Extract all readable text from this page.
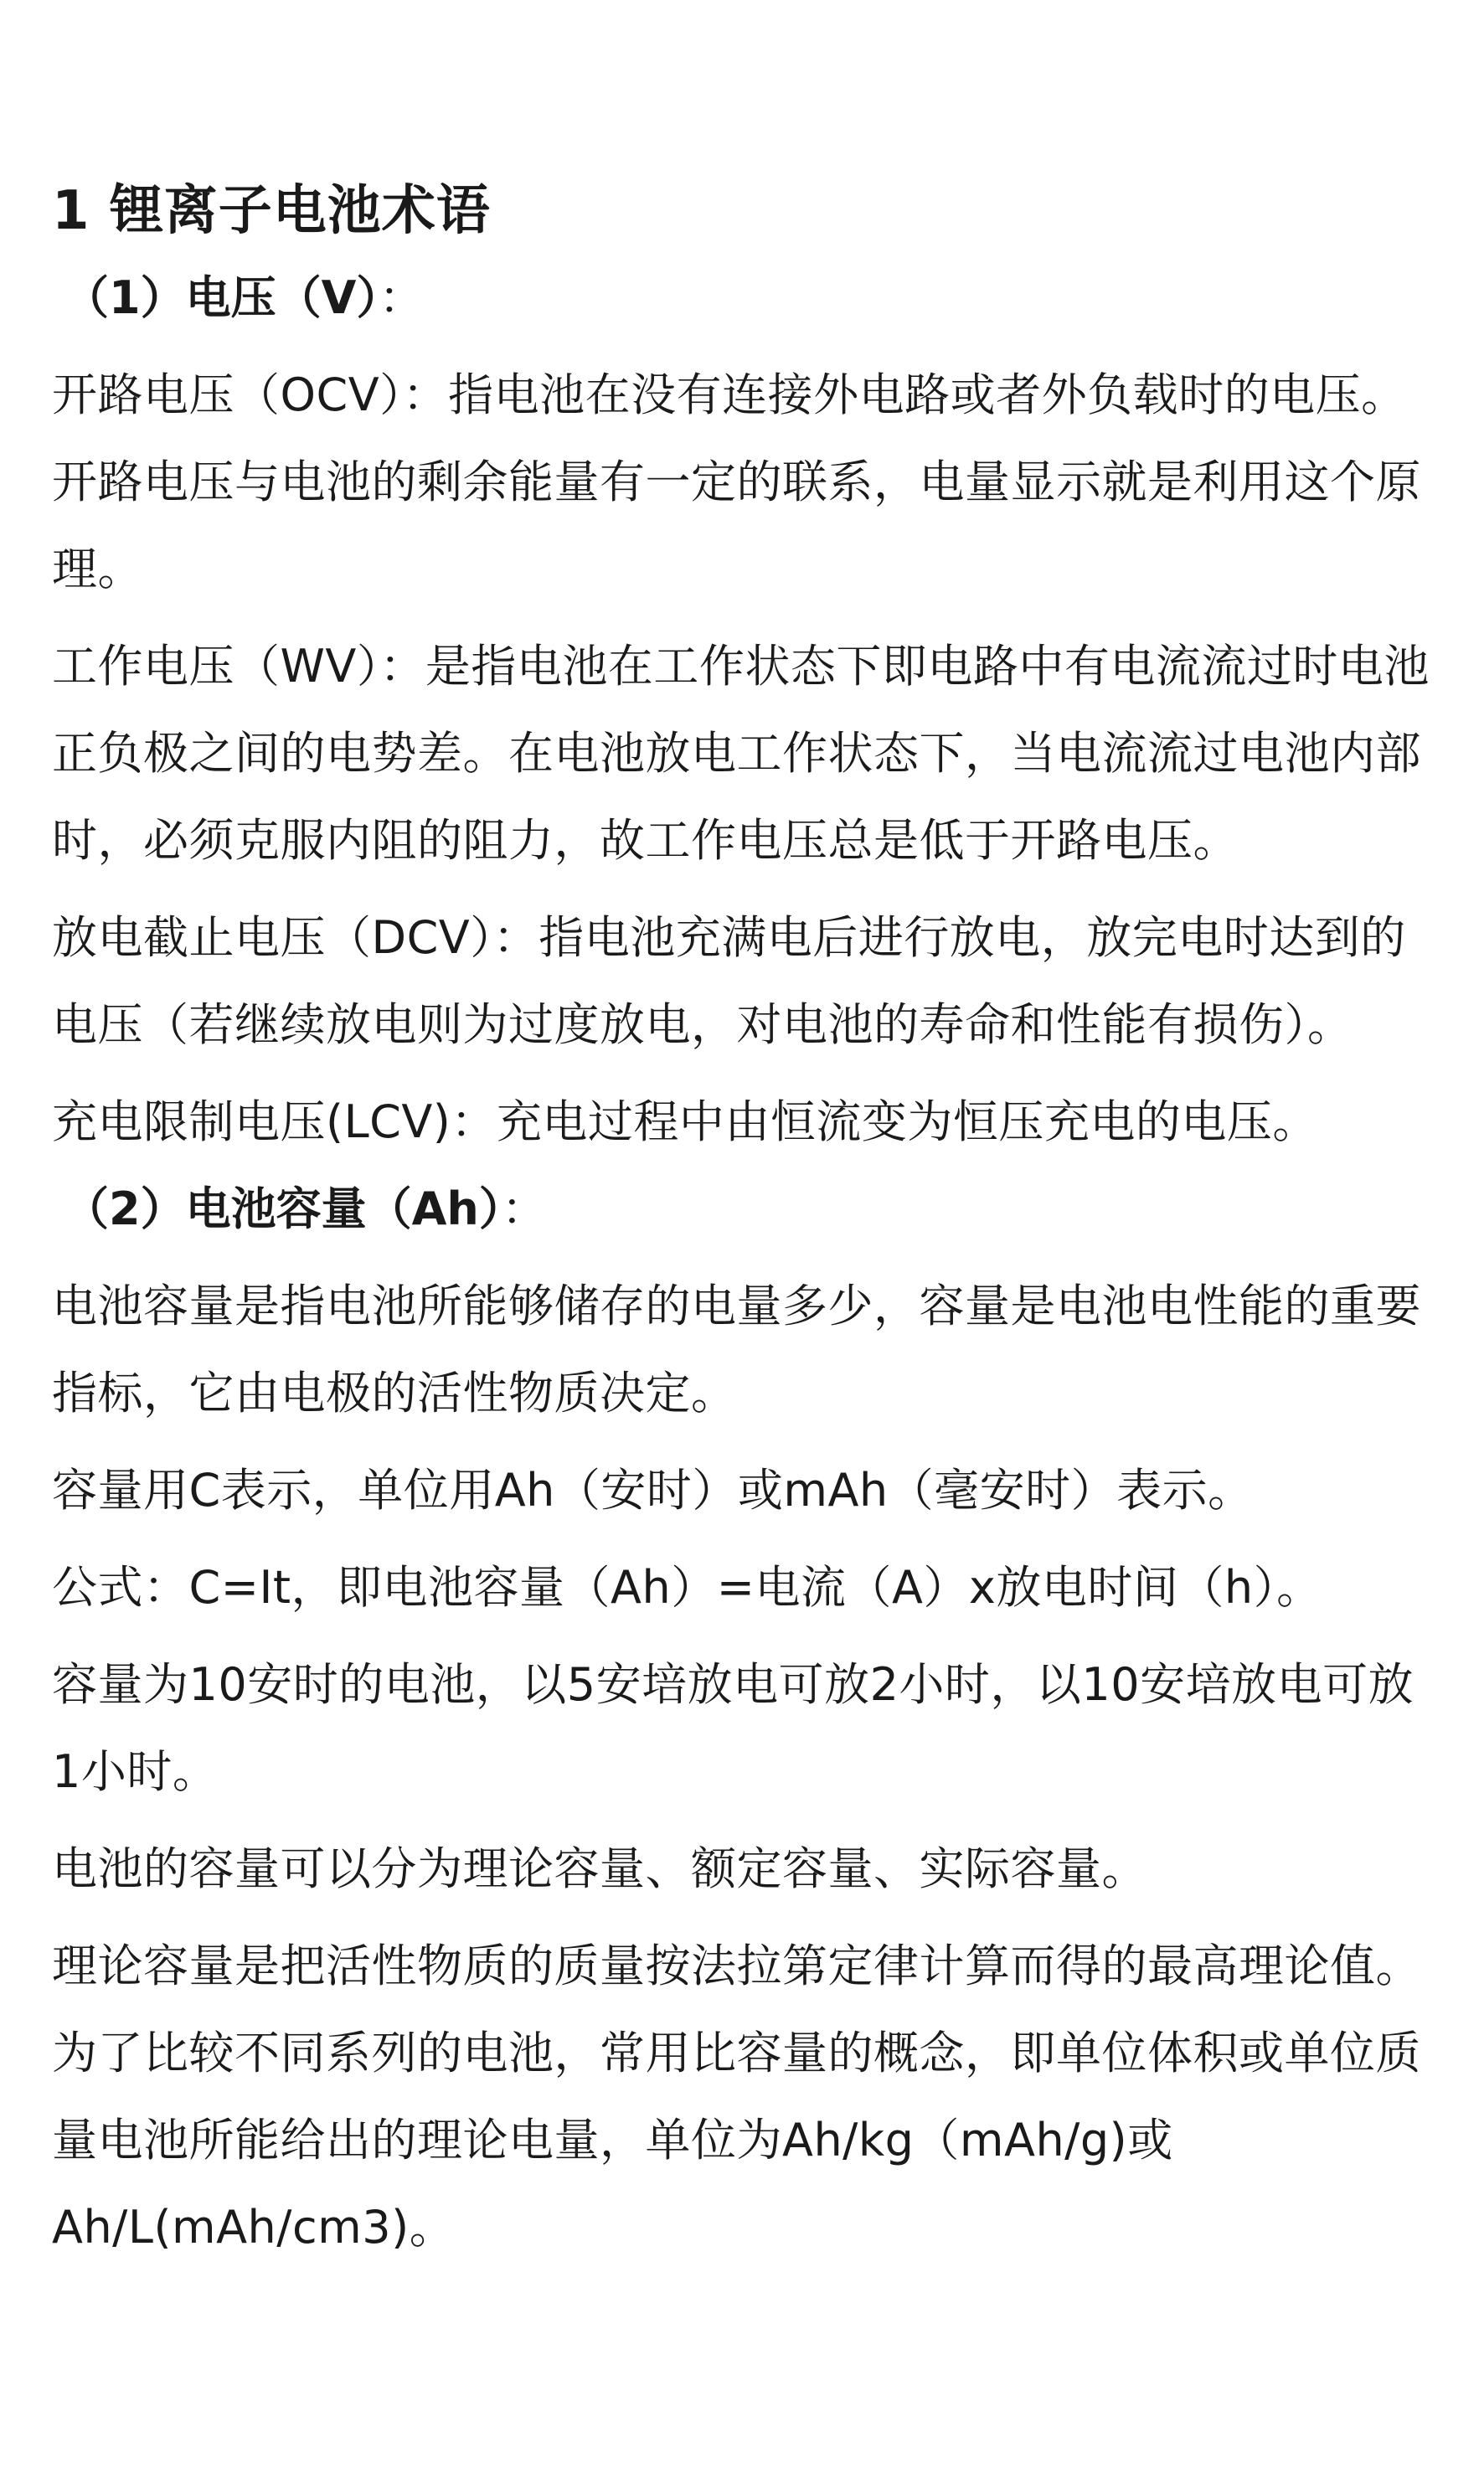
1 锂离子电池术语
（1）电压（V）：

开路电压（OCV）：指电池在没有连接外电路或者外负载时的电压。开路电压与电池的剩余能量有一定的联系，电量显示就是利用这个原理。

工作电压（WV）：是指电池在工作状态下即电路中有电流流过时电池正负极之间的电势差。在电池放电工作状态下，当电流流过电池内部时，必须克服内阻的阻力，故工作电压总是低于开路电压。

放电截止电压（DCV）：指电池充满电后进行放电，放完电时达到的电压（若继续放电则为过度放电，对电池的寿命和性能有损伤）。

充电限制电压(LCV)：充电过程中由恒流变为恒压充电的电压。

（2）电池容量（Ah）：

电池容量是指电池所能够储存的电量多少，容量是电池电性能的重要指标，它由电极的活性物质决定。

容量用C表示，单位用Ah（安时）或mAh（毫安时）表示。

公式：C=It，即电池容量（Ah）=电流（A）x放电时间（h）。

容量为10安时的电池，以5安培放电可放2小时，以10安培放电可放1小时。

电池的容量可以分为理论容量、额定容量、实际容量。

理论容量是把活性物质的质量按法拉第定律计算而得的最高理论值。为了比较不同系列的电池，常用比容量的概念，即单位体积或单位质量电池所能给出的理论电量，单位为Ah/kg（mAh/g)或Ah/L(mAh/cm3)。
